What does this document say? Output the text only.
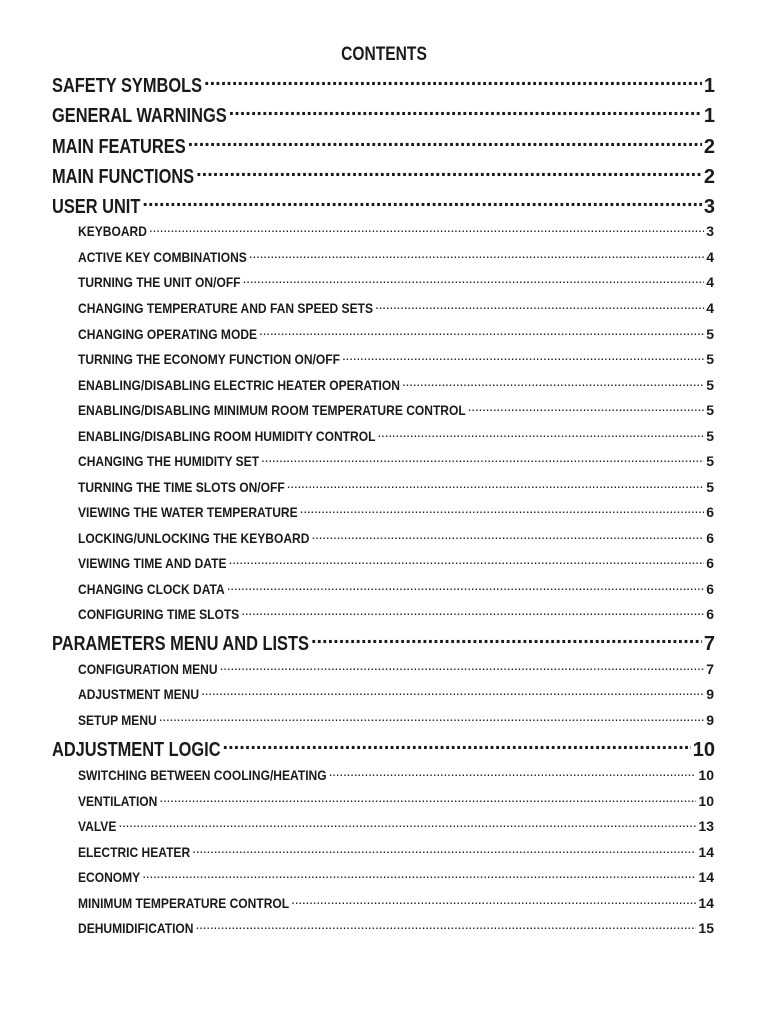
CONTENTS
SAFETY SYMBOLS .....	1
GENERAL WARNINGS .....	1
MAIN FEATURES .....	2
MAIN FUNCTIONS .....	2
USER UNIT .....	3
KEYBOARD .....	3
ACTIVE KEY COMBINATIONS .....	4
TURNING THE UNIT ON/OFF .....	4
CHANGING TEMPERATURE AND FAN SPEED SETS .....	4
CHANGING OPERATING MODE .....	5
TURNING THE ECONOMY FUNCTION ON/OFF .....	5
ENABLING/DISABLING ELECTRIC HEATER OPERATION .....	5
ENABLING/DISABLING MINIMUM ROOM TEMPERATURE CONTROL .....	5
ENABLING/DISABLING ROOM HUMIDITY CONTROL .....	5
CHANGING THE HUMIDITY SET .....	5
TURNING THE TIME SLOTS ON/OFF .....	5
VIEWING THE WATER TEMPERATURE .....	6
LOCKING/UNLOCKING THE KEYBOARD .....	6
VIEWING TIME AND DATE .....	6
CHANGING CLOCK DATA .....	6
CONFIGURING TIME SLOTS .....	6
PARAMETERS MENU AND LISTS .....	7
CONFIGURATION MENU .....	7
ADJUSTMENT MENU .....	9
SETUP MENU .....	9
ADJUSTMENT LOGIC .....	10
SWITCHING BETWEEN COOLING/HEATING .....	10
VENTILATION .....	10
VALVE .....	13
ELECTRIC HEATER .....	14
ECONOMY .....	14
MINIMUM TEMPERATURE CONTROL .....	14
DEHUMIDIFICATION .....	15
